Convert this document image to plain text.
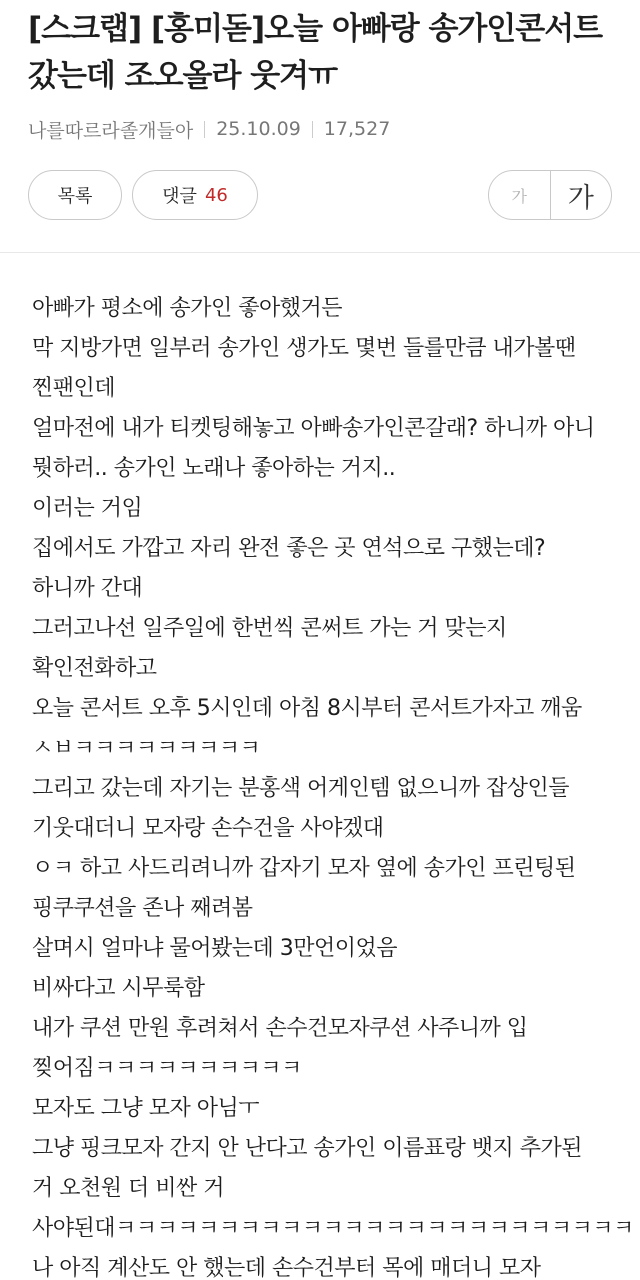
[스크랩] [홍미돋]오늘 아빠랑 송가인콘서트 갔는데 조오올라 웃겨ㅠ
나를따르라졸개들아 25.10.09 17,527
목록	댓글 46	가	가

아빠가 평소에 송가인 좋아했거든

막 지방가면 일부러 송가인 생가도 몇번 들를만큼 내가볼땐 찐팬인데

얼마전에 내가 티켓팅해놓고 아빠송가인콘갈래? 하니까 아니 뭣하러.. 송가인 노래나 좋아하는 거지..

이러는 거임

집에서도 가깝고 자리 완전 좋은 곳 연석으로 구했는데? 하니까 간대

그러고나선 일주일에 한번씩 콘써트 가는 거 맞는지 확인전화하고

오늘 콘서트 오후 5시인데 아침 8시부터 콘서트가자고 깨움 ㅅㅂㅋㅋㅋㅋㅋㅋㅋㅋㅋ

그리고 갔는데 자기는 분홍색 어게인템 없으니까 잡상인들 기웃대더니 모자랑 손수건을 사야겠대

ㅇㅋ 하고 사드리려니까 갑자기 모자 옆에 송가인 프린팅된 핑쿠쿠션을 존나 째려봄

살며시 얼마냐 물어봤는데 3만언이었음

비싸다고 시무룩함

내가 쿠션 만원 후려쳐서 손수건모자쿠션 사주니까 입 찢어짐ㅋㅋㅋㅋㅋㅋㅋㅋㅋㅋ

모자도 그냥 모자 아님ㅜ

그냥 핑크모자 간지 안 난다고 송가인 이름표랑 뱃지 추가된 거 오천원 더 비싼 거 사야된대ㅋㅋㅋㅋㅋㅋㅋㅋㅋㅋㅋㅋㅋㅋㅋㅋㅋㅋㅋㅋㅋㅋㅋㅋㅋ

나 아직 계산도 안 했는데 손수건부터 목에 매더니 모자
